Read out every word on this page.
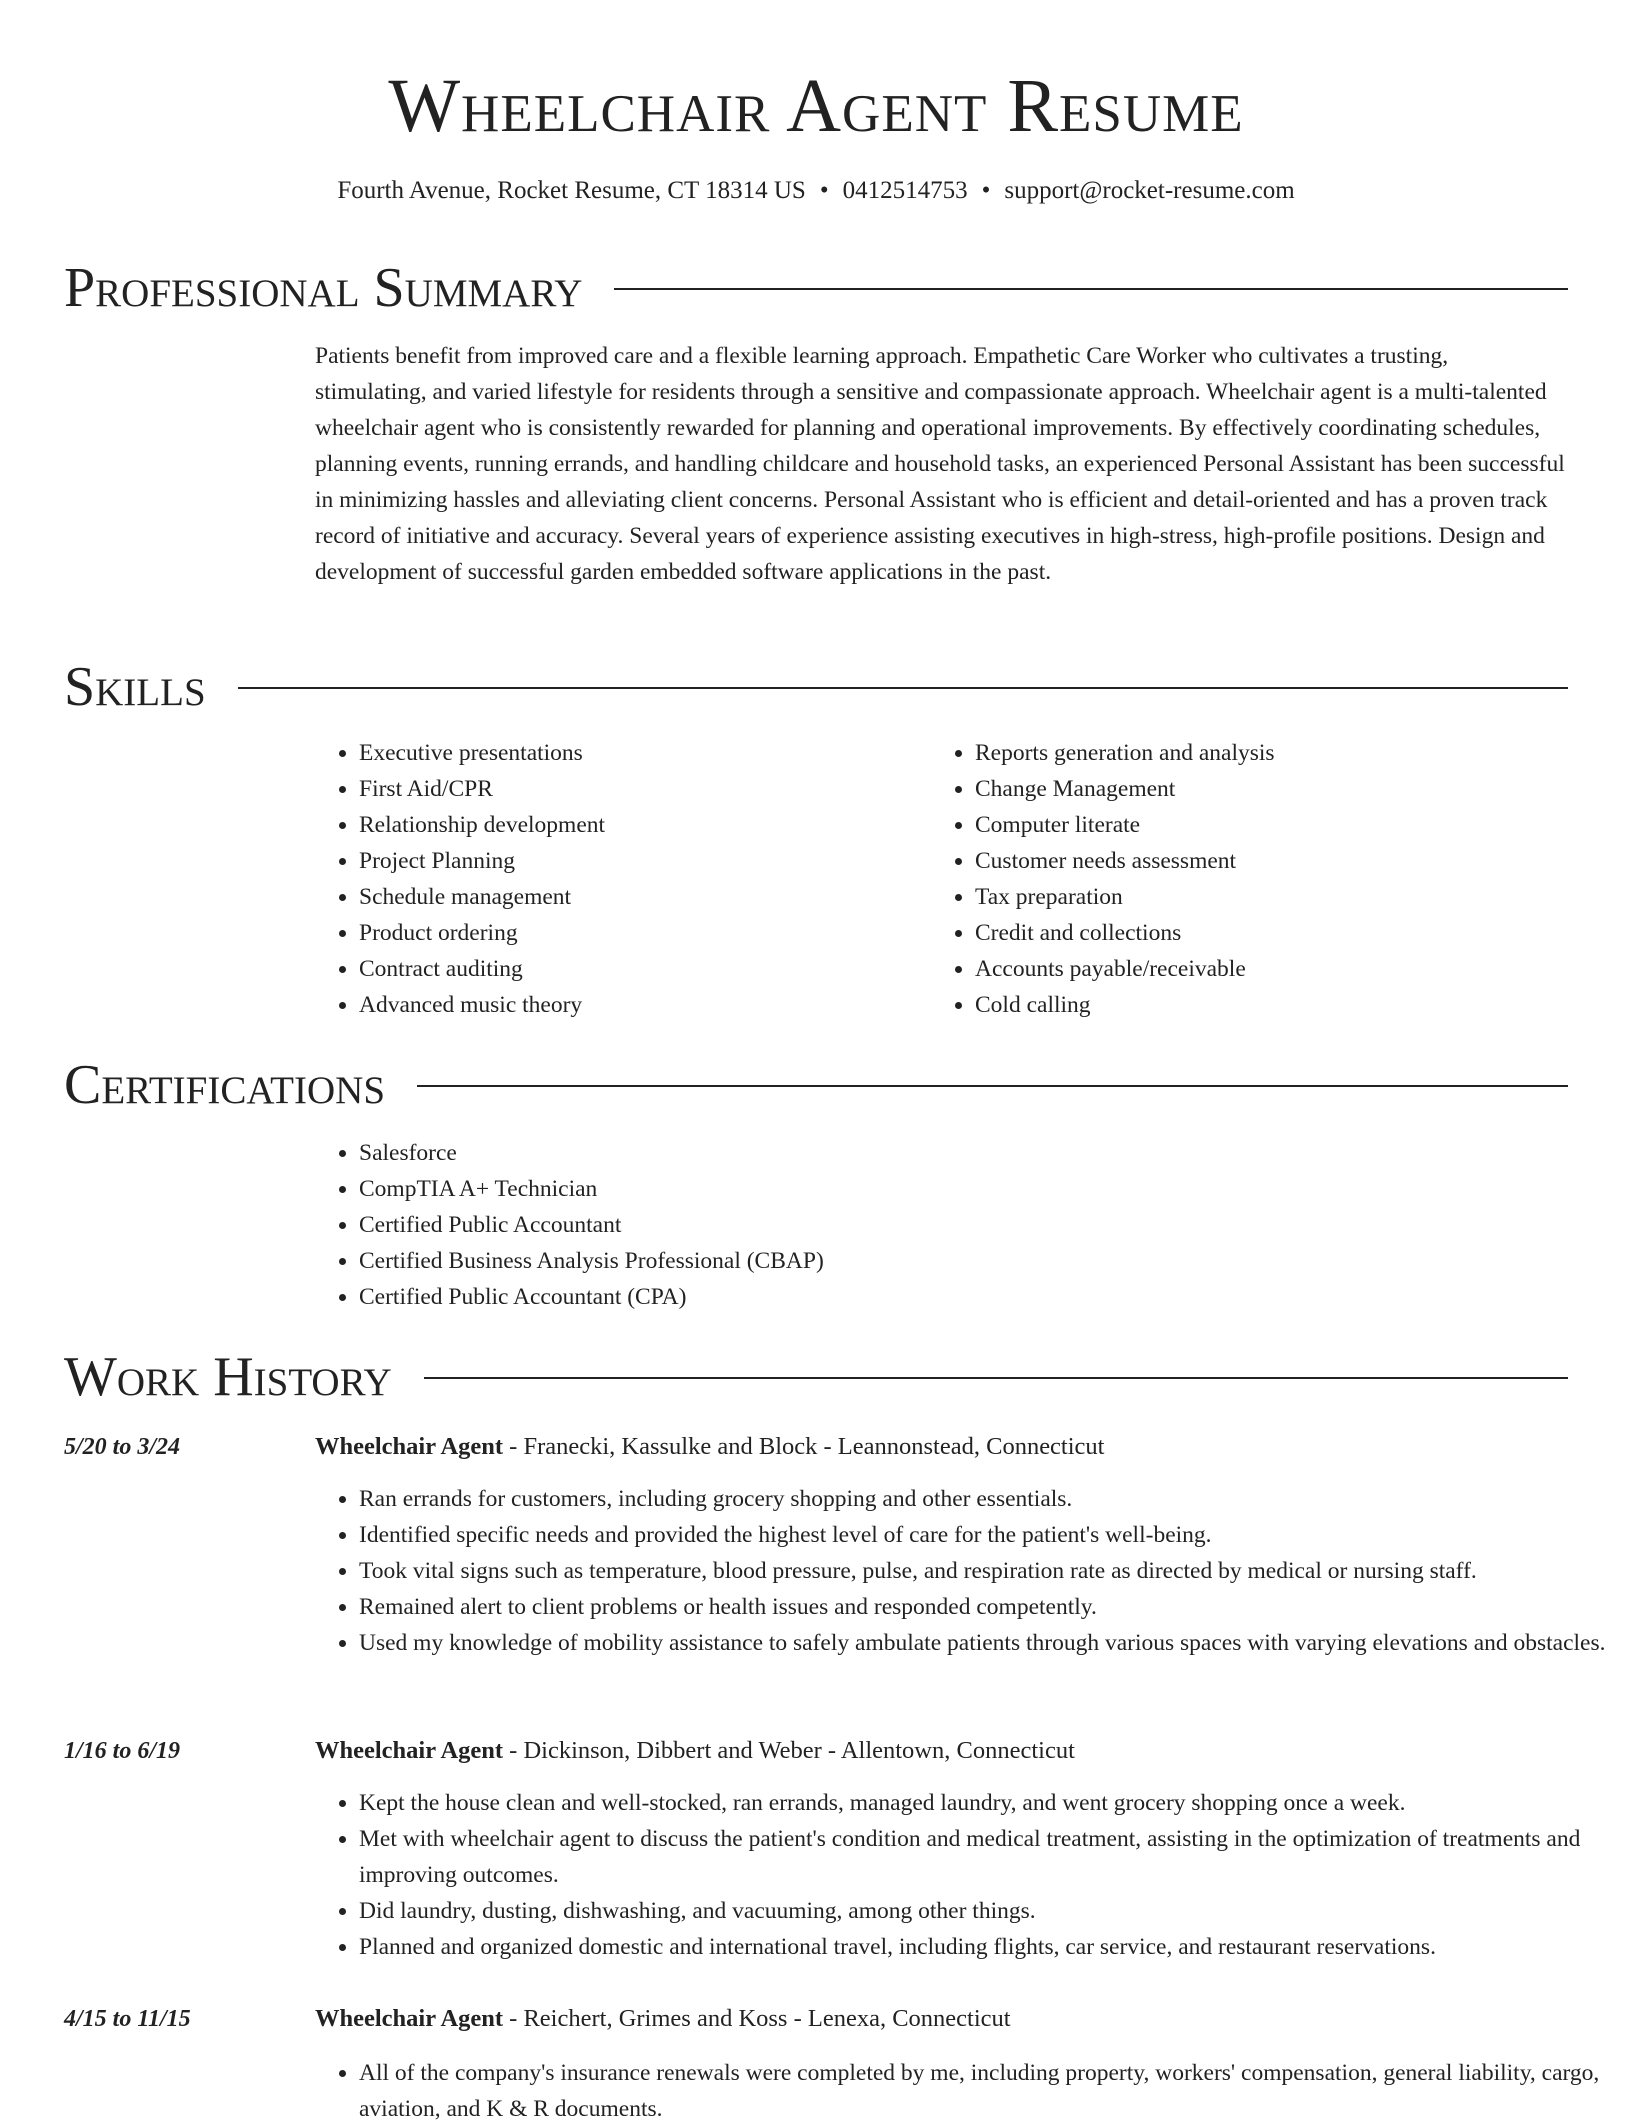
Wheelchair Agent Resume
Fourth Avenue, Rocket Resume, CT 18314 US • 0412514753 • support@rocket-resume.com
Professional Summary

Patients benefit from improved care and a flexible learning approach. Empathetic Care Worker who cultivates a trusting, stimulating, and varied lifestyle for residents through a sensitive and compassionate approach. Wheelchair agent is a multi-talented wheelchair agent who is consistently rewarded for planning and operational improvements. By effectively coordinating schedules, planning events, running errands, and handling childcare and household tasks, an experienced Personal Assistant has been successful in minimizing hassles and alleviating client concerns. Personal Assistant who is efficient and detail-oriented and has a proven track record of initiative and accuracy. Several years of experience assisting executives in high-stress, high-profile positions. Design and development of successful garden embedded software applications in the past.

Skills
• Executive presentations
• First Aid/CPR
• Relationship development
• Project Planning
• Schedule management
• Product ordering
• Contract auditing
• Advanced music theory
• Reports generation and analysis
• Change Management
• Computer literate
• Customer needs assessment
• Tax preparation
• Credit and collections
• Accounts payable/receivable
• Cold calling
Certifications
• Salesforce
• CompTIA A+ Technician
• Certified Public Accountant
• Certified Business Analysis Professional (CBAP)
• Certified Public Accountant (CPA)
Work History
5/20 to 3/24	Wheelchair Agent - Franecki, Kassulke and Block - Leannonstead, Connecticut
• Ran errands for customers, including grocery shopping and other essentials.
• Identified specific needs and provided the highest level of care for the patient's well-being.
• Took vital signs such as temperature, blood pressure, pulse, and respiration rate as directed by medical or nursing staff.
• Remained alert to client problems or health issues and responded competently.
• Used my knowledge of mobility assistance to safely ambulate patients through various spaces with varying elevations and obstacles.
1/16 to 6/19	Wheelchair Agent - Dickinson, Dibbert and Weber - Allentown, Connecticut
• Kept the house clean and well-stocked, ran errands, managed laundry, and went grocery shopping once a week.
• Met with wheelchair agent to discuss the patient's condition and medical treatment, assisting in the optimization of treatments and improving outcomes.
• Did laundry, dusting, dishwashing, and vacuuming, among other things.
• Planned and organized domestic and international travel, including flights, car service, and restaurant reservations.
4/15 to 11/15	Wheelchair Agent - Reichert, Grimes and Koss - Lenexa, Connecticut
• All of the company's insurance renewals were completed by me, including property, workers' compensation, general liability, cargo, aviation, and K & R documents.
